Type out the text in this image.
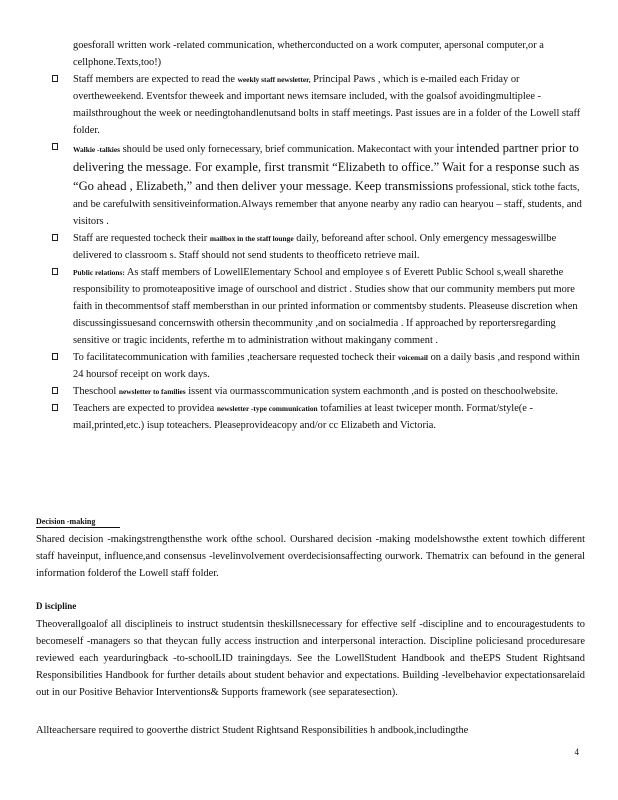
goesforall written work -related communication, whetherconducted on a work computer, apersonal computer,or a cellphone.Texts,too!)

Staff members are expected to read the weekly staff newsletter, Principal Paws , which is e-mailed each Friday or overtheweekend. Eventsfor theweek and important news itemsare included, with the goalsof avoidingmultiplee -mailsthroughout the week or needingtohandlenutsand bolts in staff meetings. Past issues are in a folder of the Lowell staff folder.

Walkie -talkies should be used only fornecessary, brief communication. Makecontact with your intended partner prior to delivering the message. For example, first transmit “Elizabeth to office.” Wait for a response such as “Go ahead , Elizabeth,” and then deliver your message. Keep transmissions professional, stick tothe facts, and be carefulwith sensitiveinformation.Always remember that anyone nearby any radio can hearyou – staff, students, and visitors .

Staff are requested tocheck their mailbox in the staff lounge daily, beforeand after school. Only emergency messageswillbe delivered to classroom s. Staff should not send students to theofficeto retrieve mail.

Public relations: As staff members of LowellElementary School and employee s of Everett Public School s,weall sharethe responsibility to promoteapositive image of ourschool and district . Studies show that our community members put more faith in thecommentsof staff membersthan in our printed information or commentsby students. Pleaseuse discretion when discussingissuesand concernswith othersin thecommunity ,and on socialmedia . If approached by reportersregarding sensitive or tragic incidents, referthe m to administration without makingany comment .

To facilitatecommunication with families ,teachersare requested tocheck their voicemail on a daily basis ,and respond within 24 hoursof receipt on work days.

Theschool newsletter to families issent via ourmasscommunication system eachmonth ,and is posted on theschoolwebsite.

Teachers are expected to providea newsletter -type communication tofamilies at least twiceper month. Format/style(e -mail,printed,etc.) isup toteachers. Pleaseprovideacopy and/or cc Elizabeth and Victoria.

Decision -making
Shared decision -makingstrengthensthe work ofthe school. Ourshared decision -making modelshowsthe extent towhich different staff haveinput, influence,and consensus -levelinvolvement overdecisionsaffecting ourwork. Thematrix can befound in the general information folderof the Lowell staff folder.
D iscipline
Theoverallgoalof all disciplineis to instruct studentsin theskillsnecessary for effective self -discipline and to encouragestudents to becomeself -managers so that theycan fully access instruction and interpersonal interaction. Discipline policiesand proceduresare reviewed each yearduringback -to-schoolLID trainingdays. See the LowellStudent Handbook and theEPS Student Rightsand Responsibilities Handbook for further details about student behavior and expectations. Building -levelbehavior expectationsarelaid out in our Positive Behavior Interventions& Supports framework (see separatesection).
Allteachersare required to gooverthe district Student Rightsand Responsibilities h andbook,includingthe
4
